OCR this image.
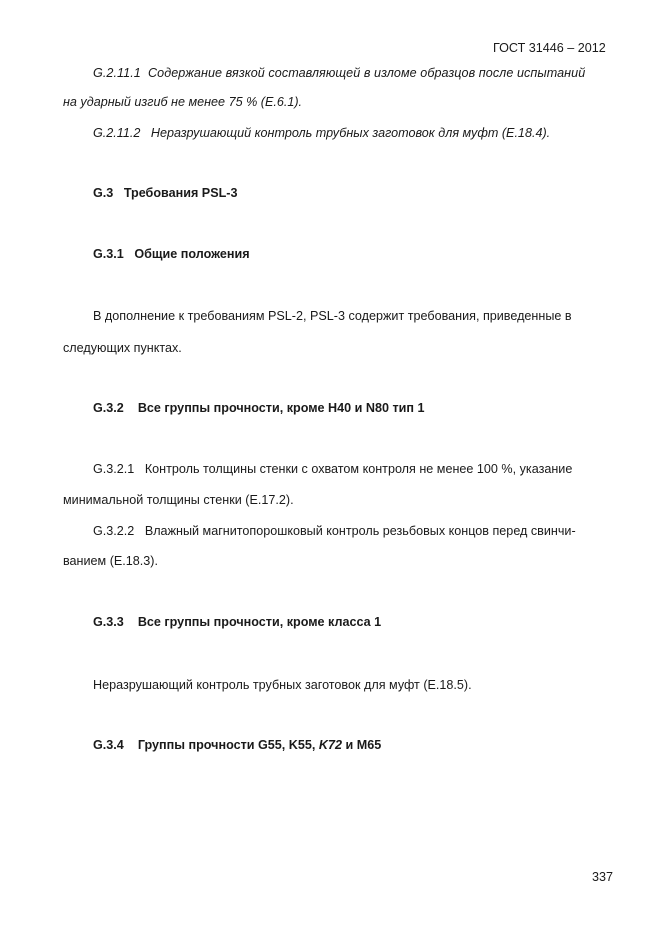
ГОСТ 31446 – 2012
G.2.11.1 Содержание вязкой составляющей в изломе образцов после испытаний
на ударный изгиб не менее 75 % (E.6.1).
G.2.11.2 Неразрушающий контроль трубных заготовок для муфт (E.18.4).
G.3 Требования PSL-3
G.3.1 Общие положения
В дополнение к требованиям PSL-2, PSL-3 содержит требования, приведенные в
следующих пунктах.
G.3.2 Все группы прочности, кроме H40 и N80 тип 1
G.3.2.1 Контроль толщины стенки с охватом контроля не менее 100 %, указание
минимальной толщины стенки (E.17.2).
G.3.2.2 Влажный магнитопорошковый контроль резьбовых концов перед свинчи-
ванием (E.18.3).
G.3.3 Все группы прочности, кроме класса 1
Неразрушающий контроль трубных заготовок для муфт (E.18.5).
G.3.4 Группы прочности G55, K55, K72 и M65
337
